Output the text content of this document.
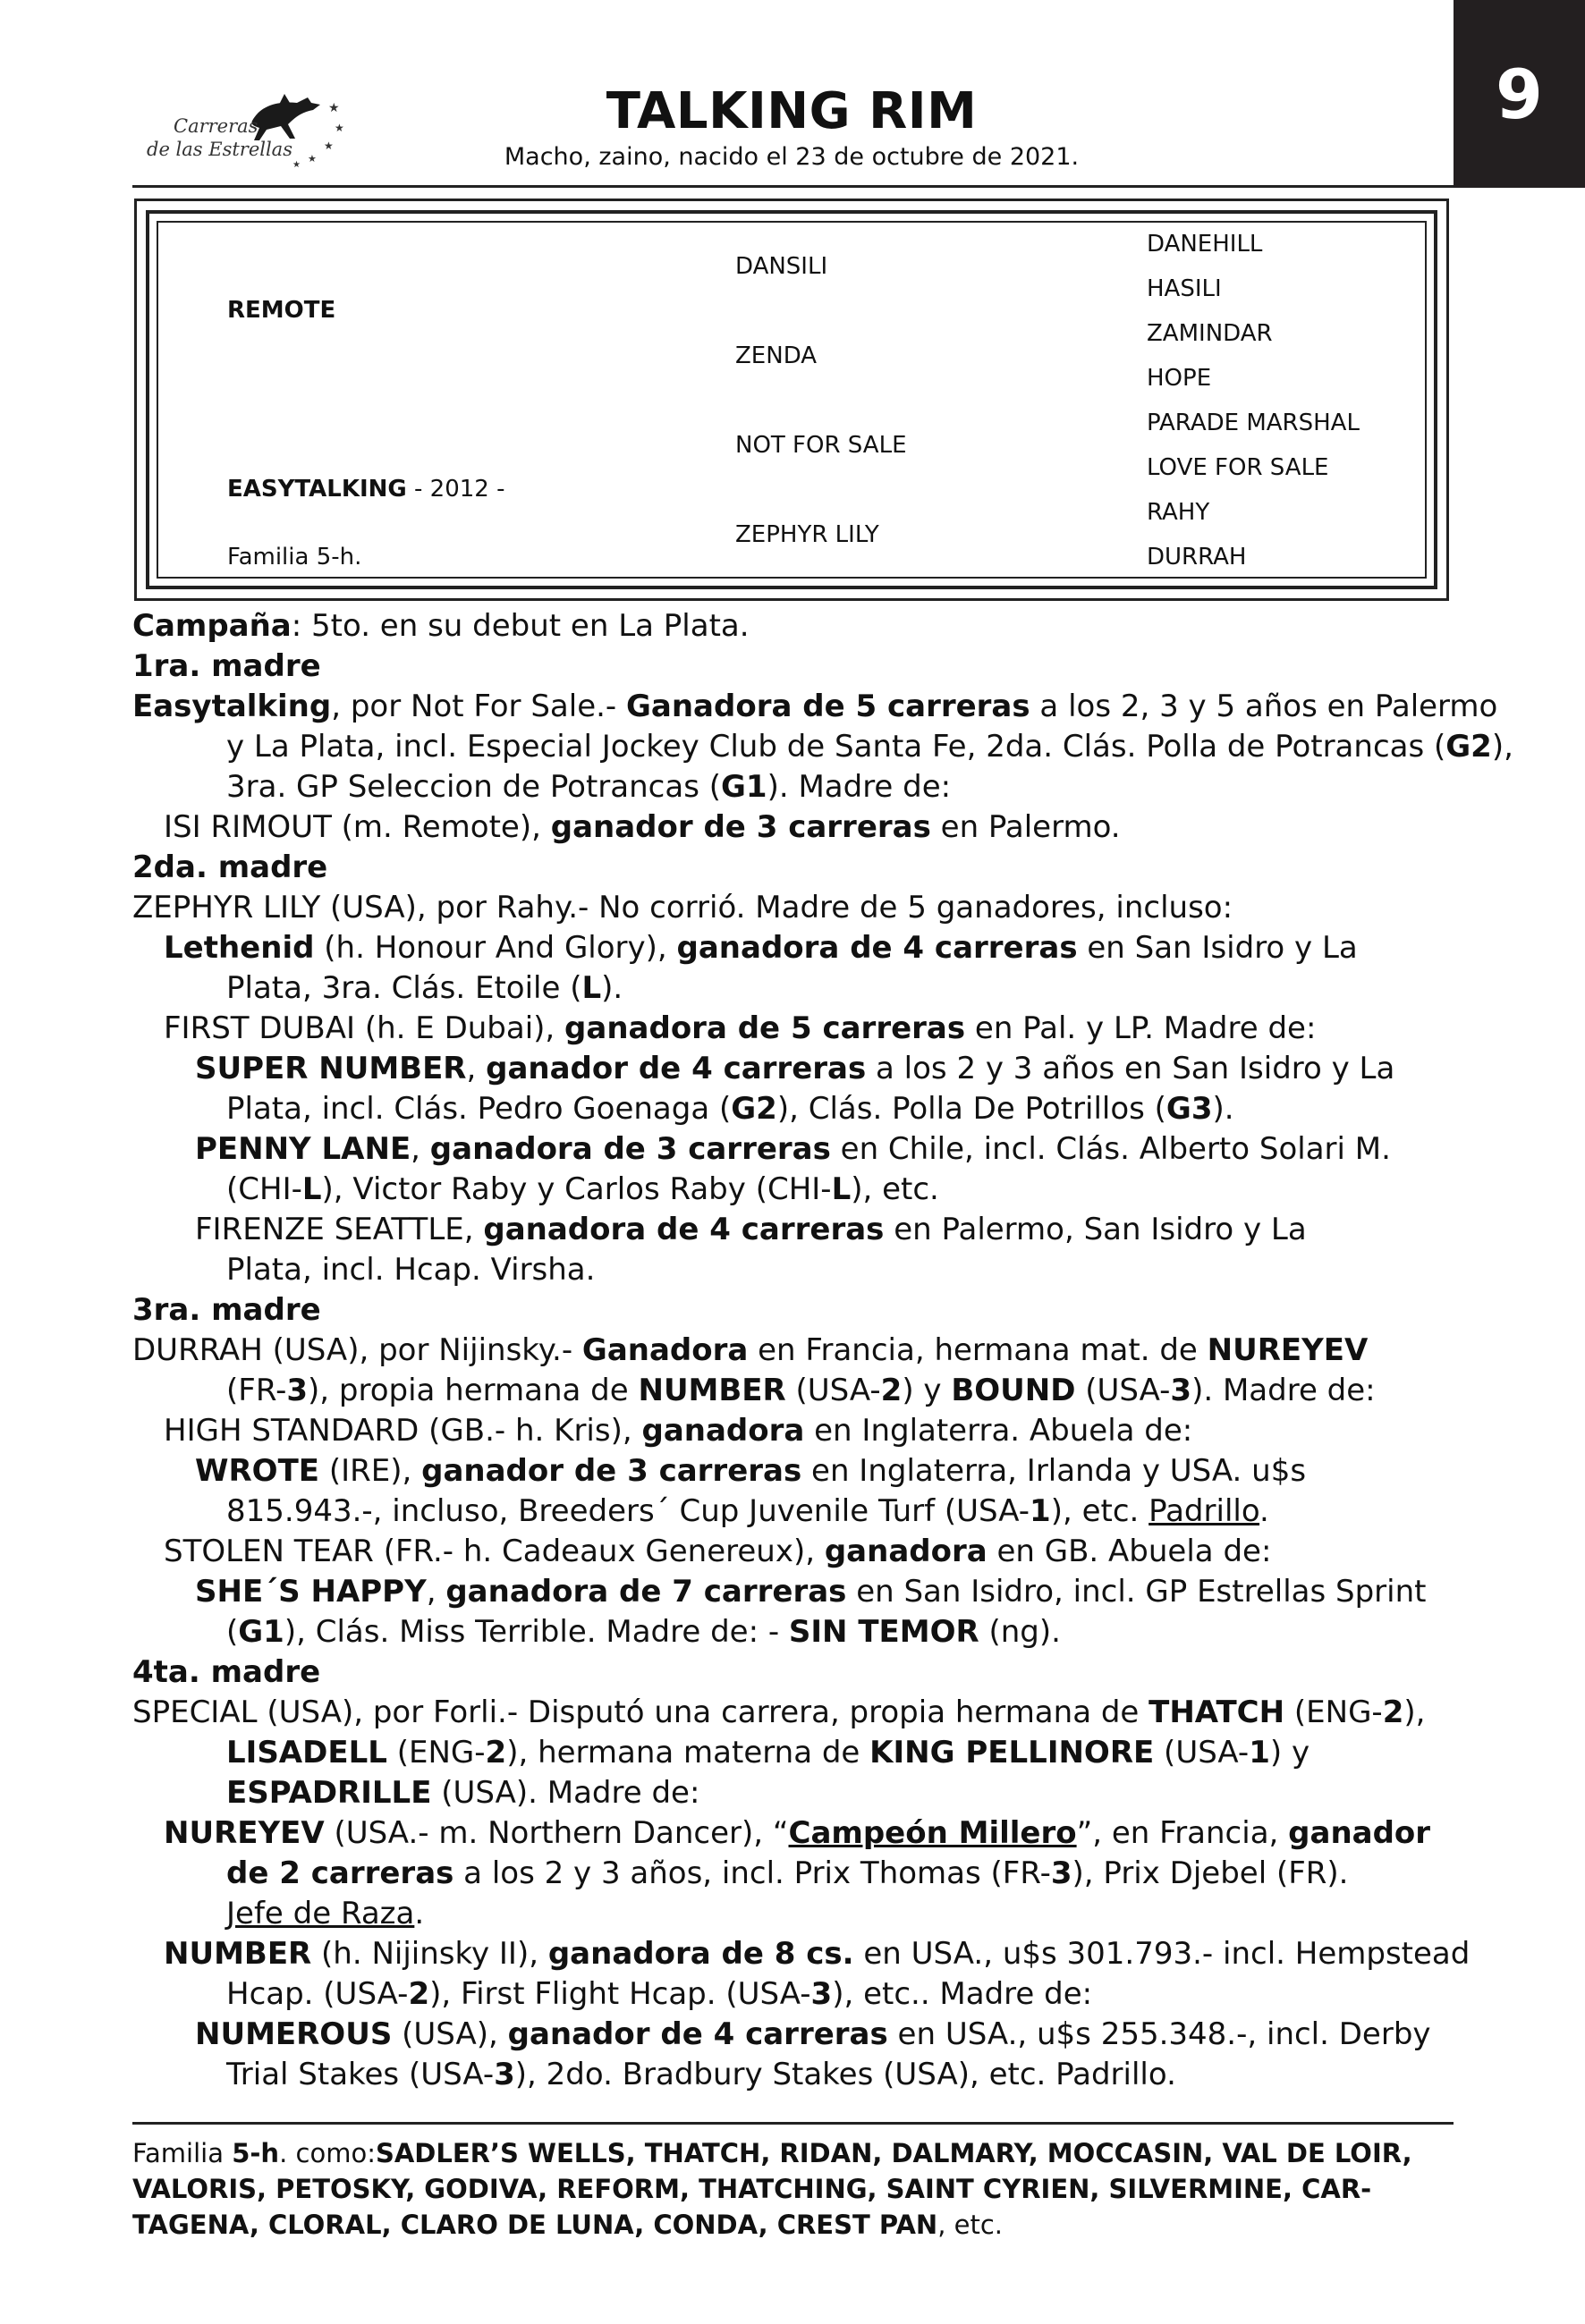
9
★
★
★
★
★
Carreras
de las Estrellas
TALKING RIM
Macho, zaino, nacido el 23 de octubre de 2021.
REMOTE
EASYTALKING - 2012 -
Familia 5-h.
DANSILI
ZENDA
NOT FOR SALE
ZEPHYR LILY
DANEHILL
HASILI
ZAMINDAR
HOPE
PARADE MARSHAL
LOVE FOR SALE
RAHY
DURRAH
Campaña: 5to. en su debut en La Plata.
1ra. madre
Easytalking, por Not For Sale.- Ganadora de 5 carreras a los 2, 3 y 5 años en Palermo
y La Plata, incl. Especial Jockey Club de Santa Fe, 2da. Clás. Polla de Potrancas (G2),
3ra. GP Seleccion de Potrancas (G1). Madre de:
ISI RIMOUT (m. Remote), ganador de 3 carreras en Palermo.
2da. madre
ZEPHYR LILY (USA), por Rahy.- No corrió. Madre de 5 ganadores, incluso:
Lethenid (h. Honour And Glory), ganadora de 4 carreras en San Isidro y La
Plata, 3ra. Clás. Etoile (L).
FIRST DUBAI (h. E Dubai), ganadora de 5 carreras en Pal. y LP. Madre de:
SUPER NUMBER, ganador de 4 carreras a los 2 y 3 años en San Isidro y La
Plata, incl. Clás. Pedro Goenaga (G2), Clás. Polla De Potrillos (G3).
PENNY LANE, ganadora de 3 carreras en Chile, incl. Clás. Alberto Solari M.
(CHI-L), Victor Raby y Carlos Raby (CHI-L), etc.
FIRENZE SEATTLE, ganadora de 4 carreras en Palermo, San Isidro y La
Plata, incl. Hcap. Virsha.
3ra. madre
DURRAH (USA), por Nijinsky.- Ganadora en Francia, hermana mat. de NUREYEV
(FR-3), propia hermana de NUMBER (USA-2) y BOUND (USA-3). Madre de:
HIGH STANDARD (GB.- h. Kris), ganadora en Inglaterra. Abuela de:
WROTE (IRE), ganador de 3 carreras en Inglaterra, Irlanda y USA. u$s
815.943.-, incluso, Breeders´ Cup Juvenile Turf (USA-1), etc. Padrillo.
STOLEN TEAR (FR.- h. Cadeaux Genereux), ganadora en GB. Abuela de:
SHE´S HAPPY, ganadora de 7 carreras en San Isidro, incl. GP Estrellas Sprint
(G1), Clás. Miss Terrible. Madre de: - SIN TEMOR (ng).
4ta. madre
SPECIAL (USA), por Forli.- Disputó una carrera, propia hermana de THATCH (ENG-2),
LISADELL (ENG-2), hermana materna de KING PELLINORE (USA-1) y
ESPADRILLE (USA). Madre de:
NUREYEV (USA.- m. Northern Dancer), “Campeón Millero”, en Francia, ganador
de 2 carreras a los 2 y 3 años, incl. Prix Thomas (FR-3), Prix Djebel (FR).
Jefe de Raza.
NUMBER (h. Nijinsky II), ganadora de 8 cs. en USA., u$s 301.793.- incl. Hempstead
Hcap. (USA-2), First Flight Hcap. (USA-3), etc.. Madre de:
NUMEROUS (USA), ganador de 4 carreras en USA., u$s 255.348.-, incl. Derby
Trial Stakes (USA-3), 2do. Bradbury Stakes (USA), etc. Padrillo.
Familia 5-h. como:SADLER’S WELLS, THATCH, RIDAN, DALMARY, MOCCASIN, VAL DE LOIR,
VALORIS, PETOSKY, GODIVA, REFORM, THATCHING, SAINT CYRIEN, SILVERMINE, CAR-
TAGENA, CLORAL, CLARO DE LUNA, CONDA, CREST PAN, etc.
